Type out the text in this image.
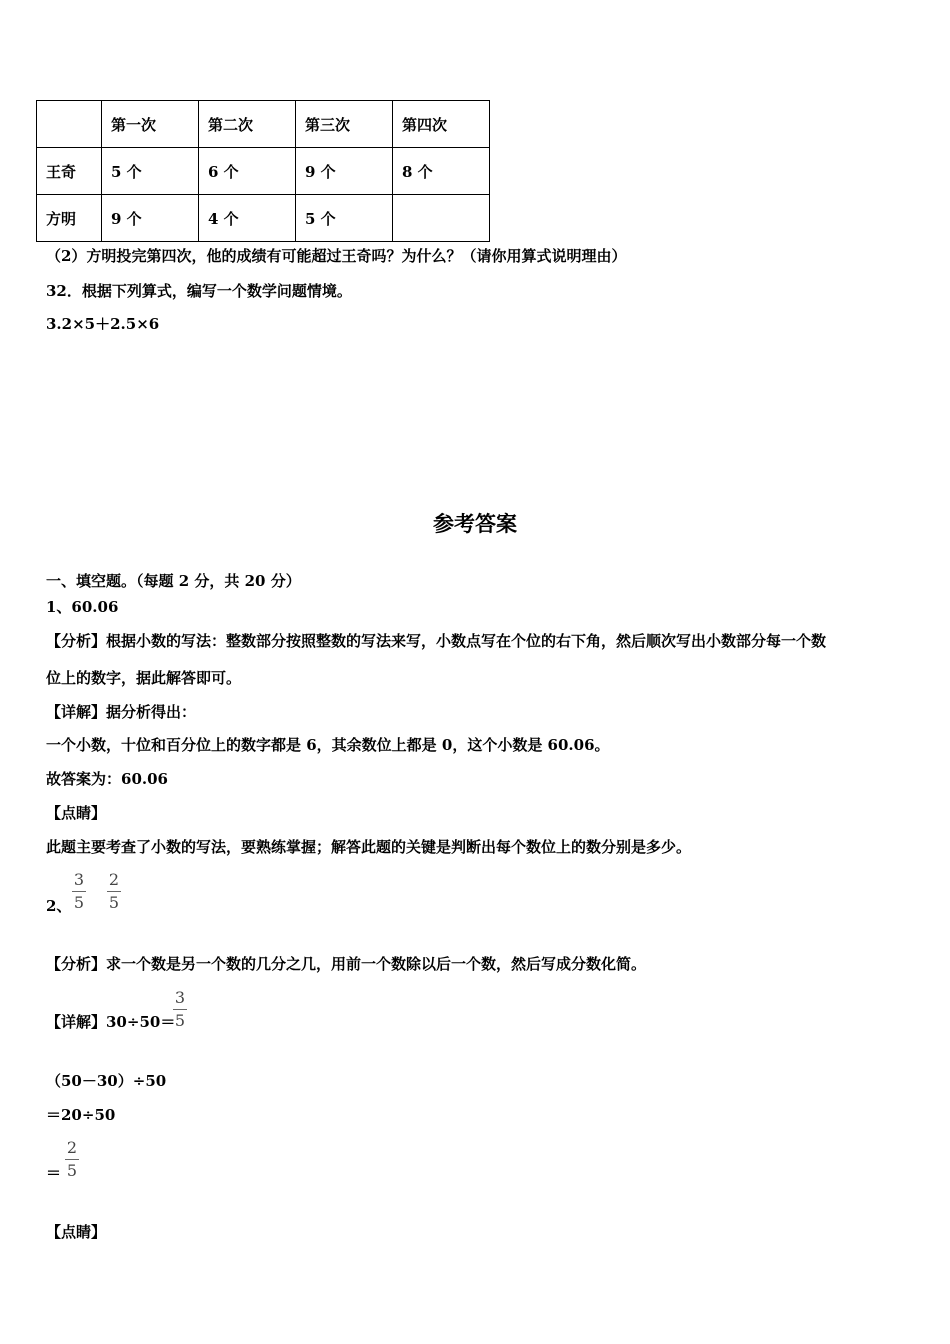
	第一次	第二次	第三次	第四次
王奇	5 个	6 个	9 个	8 个
方明	9 个	4 个	5 个	
（2）方明投完第四次，他的成绩有可能超过王奇吗？为什么？（请你用算式说明理由）
32．根据下列算式，编写一个数学问题情境。
3.2×5＋2.5×6
参考答案
一、填空题。（每题 2 分，共 20 分）
1、60.06
【分析】根据小数的写法：整数部分按照整数的写法来写，小数点写在个位的右下角，然后顺次写出小数部分每一个数
位上的数字，据此解答即可。
【详解】据分析得出：
一个小数，十位和百分位上的数字都是 6，其余数位上都是 0，这个小数是 60.06。
故答案为：60.06
【点睛】
此题主要考查了小数的写法，要熟练掌握；解答此题的关键是判断出每个数位上的数分别是多少。
2、
3
5
2
5
【分析】求一个数是另一个数的几分之几，用前一个数除以后一个数，然后写成分数化简。
【详解】30÷50＝
3
5
（50－30）÷50
＝20÷50
＝
2
5
【点睛】
